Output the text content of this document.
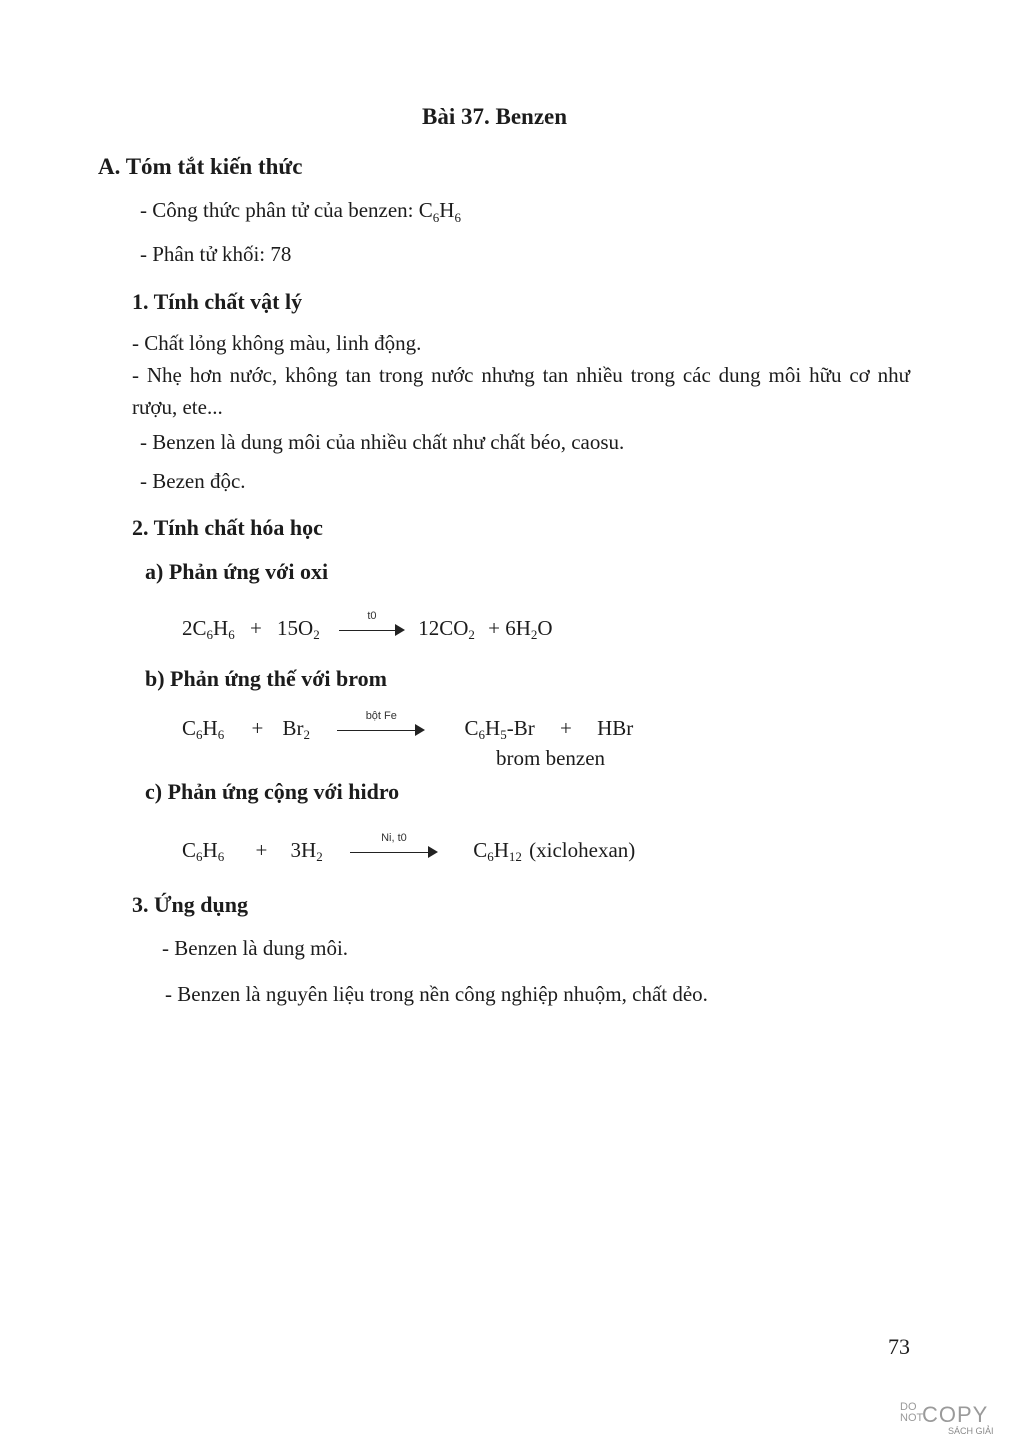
Bài 37. Benzen
A. Tóm tắt kiến thức
- Công thức phân tử của benzen: $C_6H_6$
- Phân tử khối: 78
1. Tính chất vật lý
- Chất lỏng không màu, linh động.
- Nhẹ hơn nước, không tan trong nước nhưng tan nhiều trong các dung môi hữu cơ như rượu, ete...
- Benzen là dung môi của nhiều chất như chất béo, caosu.
- Bezen độc.
2. Tính chất hóa học
a) Phản ứng với oxi
$2C_6H_6 + 15O_2$
t0	$12CO_2 + 6H_2O$
b) Phản ứng thế với brom
$C_6H_6 + Br_2$
bột Fe	$C_6H_5-Br$ + HBr
brom benzen
c) Phản ứng cộng với hidro
$C_6H_6 + 3H_2$
Ni, t0	$C_6H_{12}$ (xiclohexan)
3. Ứng dụng
- Benzen là dung môi.
- Benzen là nguyên liệu trong nền công nghiệp nhuộm, chất dẻo.
73
DO NOT
COPY
SÁCH GIẢI
